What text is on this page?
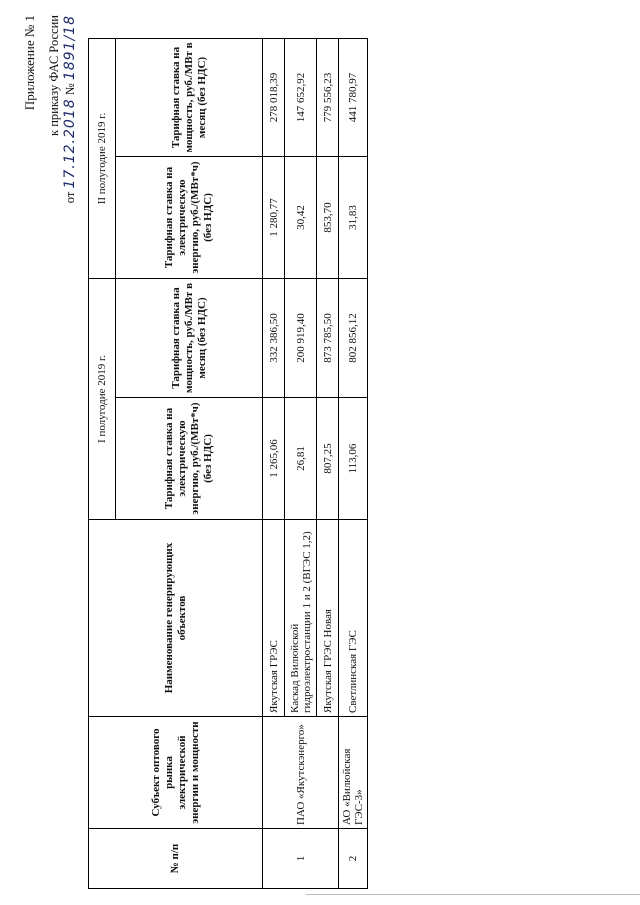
Приложение № 1 к приказу ФАС России
от 17.12.2018 № 1891/18
№ п/п	Субъект оптового рынка электрической энергии и мощности	Наименование генерирующих объектов	I полугодие 2019 г.		II полугодие 2019 г.	
			Тарифная ставка на электрическую энергию, руб./(МВт*ч) (без НДС)	Тарифная ставка на мощность, руб./МВт в месяц (без НДС)	Тарифная ставка на электрическую энергию, руб./(МВт*ч) (без НДС)	Тарифная ставка на мощность, руб./МВт в месяц (без НДС)
1	ПАО «Якутскэнерго»	Якутская ГРЭС	1 265,06	332 386,50	1 280,77	278 018,39
		Каскад Вилюйской гидроэлектростанции 1 и 2 (ВГЭС 1,2)	26,81	200 919,40	30,42	147 652,92
		Якутская ГРЭС Новая	807,25	873 785,50	853,70	779 556,23
2	АО «Вилюйская ГЭС-3»	Светлинская ГЭС	113,06	802 856,12	31,83	441 780,97
